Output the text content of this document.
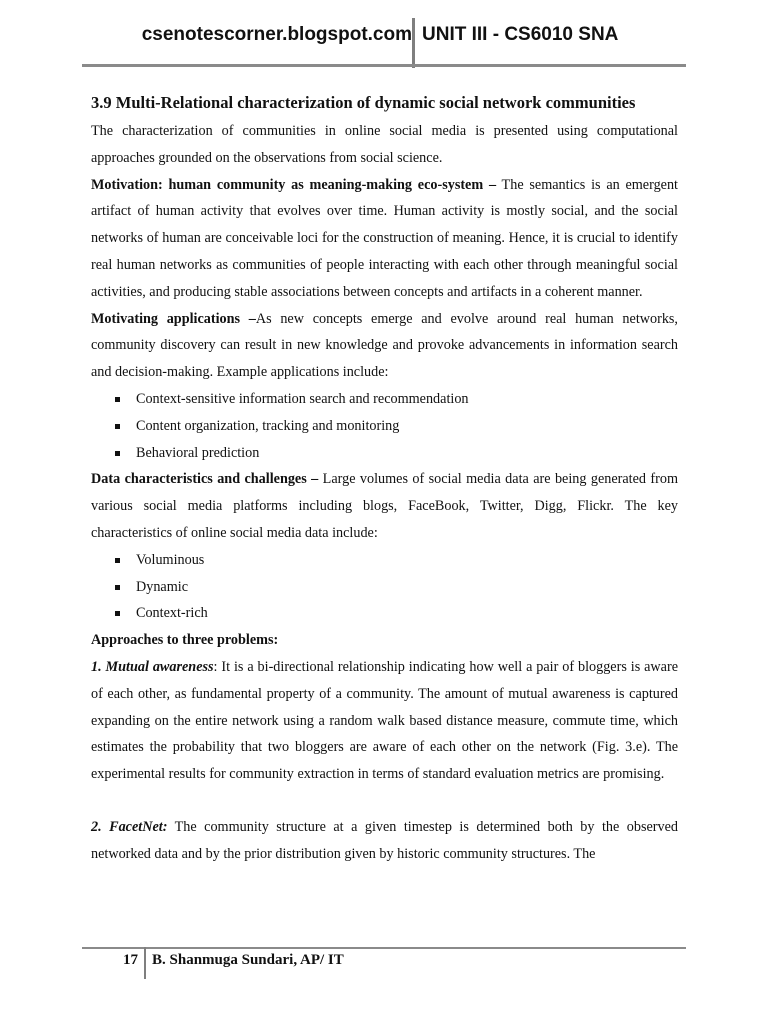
csenotescorner.blogspot.com UNIT III - CS6010 SNA
3.9 Multi-Relational characterization of dynamic social network communities

The characterization of communities in online social media is presented using computational approaches grounded on the observations from social science.

Motivation: human community as meaning-making eco-system – The semantics is an emergent artifact of human activity that evolves over time. Human activity is mostly social, and the social networks of human are conceivable loci for the construction of meaning. Hence, it is crucial to identify real human networks as communities of people interacting with each other through meaningful social activities, and producing stable associations between concepts and artifacts in a coherent manner.

Motivating applications –As new concepts emerge and evolve around real human networks, community discovery can result in new knowledge and provoke advancements in information search and decision-making. Example applications include:

Context-sensitive information search and recommendation
Content organization, tracking and monitoring
Behavioral prediction

Data characteristics and challenges – Large volumes of social media data are being generated from various social media platforms including blogs, FaceBook, Twitter, Digg, Flickr. The key characteristics of online social media data include:

Voluminous
Dynamic
Context-rich

Approaches to three problems:

1. Mutual awareness: It is a bi-directional relationship indicating how well a pair of bloggers is aware of each other, as fundamental property of a community. The amount of mutual awareness is captured expanding on the entire network using a random walk based distance measure, commute time, which estimates the probability that two bloggers are aware of each other on the network (Fig. 3.e). The experimental results for community extraction in terms of standard evaluation metrics are promising.

2. FacetNet: The community structure at a given timestep is determined both by the observed networked data and by the prior distribution given by historic community structures. The

17 B. Shanmuga Sundari, AP/ IT
